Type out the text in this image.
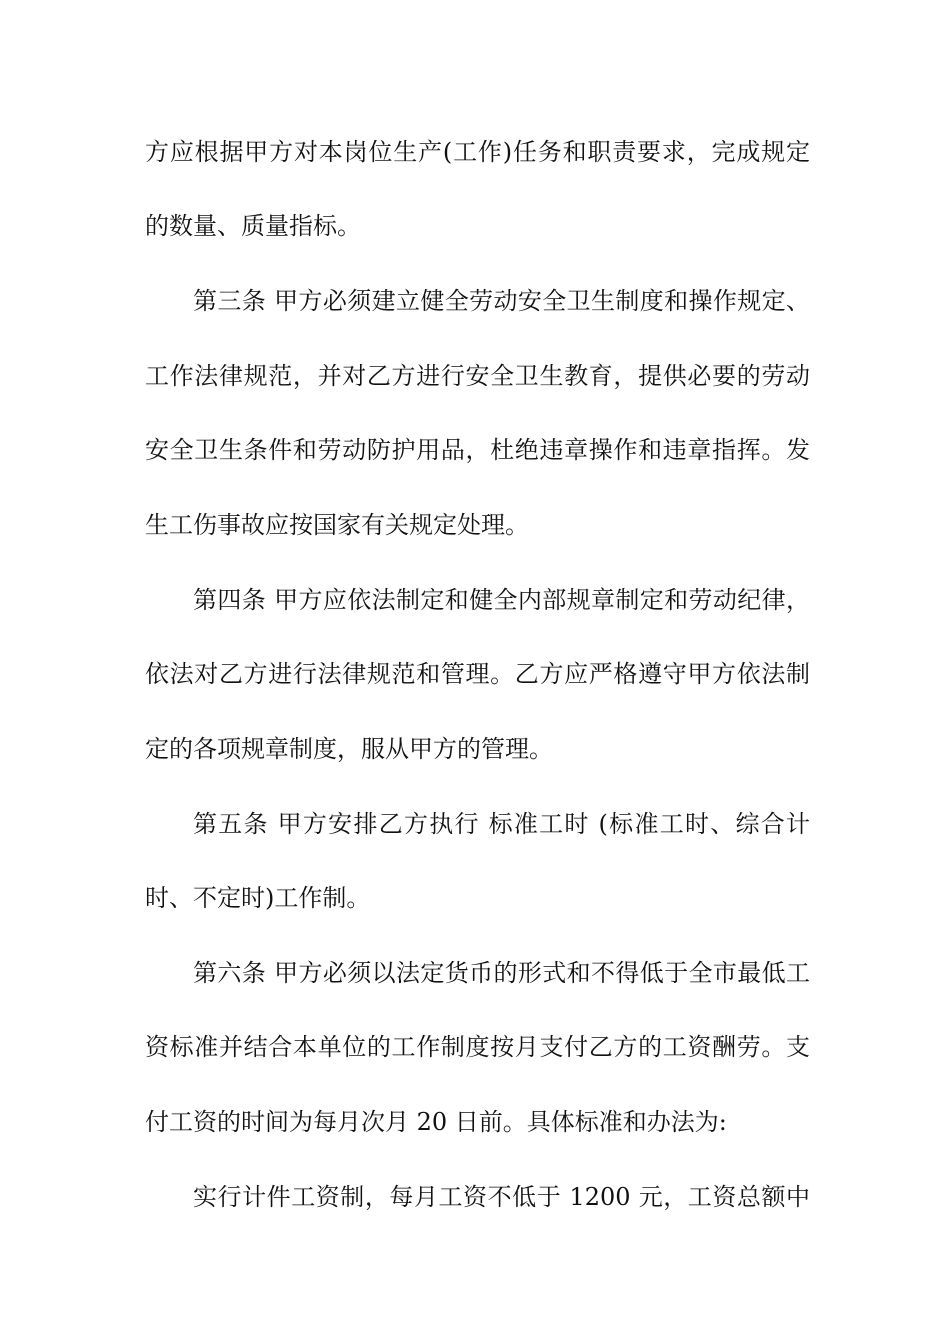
方应根据甲方对本岗位生产(工作)任务和职责要求，完成规定
的数量、质量指标。
第三条 甲方必须建立健全劳动安全卫生制度和操作规定、
工作法律规范，并对乙方进行安全卫生教育，提供必要的劳动
安全卫生条件和劳动防护用品，杜绝违章操作和违章指挥。发
生工伤事故应按国家有关规定处理。
第四条 甲方应依法制定和健全内部规章制定和劳动纪律，
依法对乙方进行法律规范和管理。乙方应严格遵守甲方依法制
定的各项规章制度，服从甲方的管理。
第五条 甲方安排乙方执行 标准工时 (标准工时、综合计
时、不定时)工作制。
第六条 甲方必须以法定货币的形式和不得低于全市最低工
资标准并结合本单位的工作制度按月支付乙方的工资酬劳。支
付工资的时间为每月次月 20 日前。具体标准和办法为:
实行计件工资制，每月工资不低于 1200 元，工资总额中
